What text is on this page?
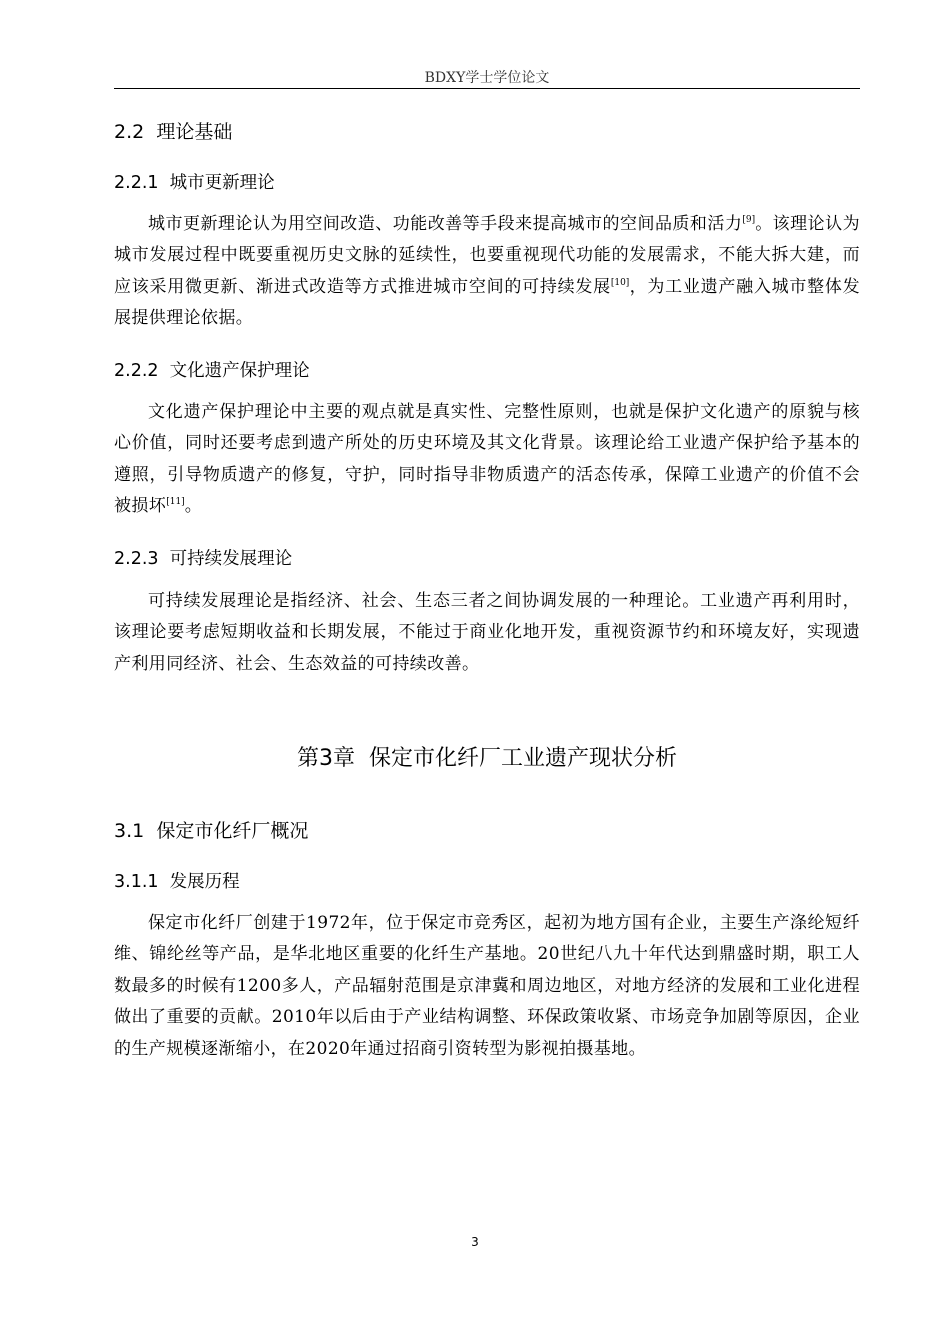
BDXY学士学位论文
2.2 理论基础
2.2.1 城市更新理论

城市更新理论认为用空间改造、功能改善等手段来提高城市的空间品质和活力[9]。该理论认为城市发展过程中既要重视历史文脉的延续性，也要重视现代功能的发展需求，不能大拆大建，而应该采用微更新、渐进式改造等方式推进城市空间的可持续发展[10]，为工业遗产融入城市整体发展提供理论依据。

2.2.2 文化遗产保护理论

文化遗产保护理论中主要的观点就是真实性、完整性原则，也就是保护文化遗产的原貌与核心价值，同时还要考虑到遗产所处的历史环境及其文化背景。该理论给工业遗产保护给予基本的遵照，引导物质遗产的修复，守护，同时指导非物质遗产的活态传承，保障工业遗产的价值不会被损坏[11]。

2.2.3 可持续发展理论

可持续发展理论是指经济、社会、生态三者之间协调发展的一种理论。工业遗产再利用时，该理论要考虑短期收益和长期发展，不能过于商业化地开发，重视资源节约和环境友好，实现遗产利用同经济、社会、生态效益的可持续改善。

第3章 保定市化纤厂工业遗产现状分析
3.1 保定市化纤厂概况
3.1.1 发展历程

保定市化纤厂创建于1972年，位于保定市竞秀区，起初为地方国有企业，主要生产涤纶短纤维、锦纶丝等产品，是华北地区重要的化纤生产基地。20世纪八九十年代达到鼎盛时期，职工人数最多的时候有1200多人，产品辐射范围是京津冀和周边地区，对地方经济的发展和工业化进程做出了重要的贡献。2010年以后由于产业结构调整、环保政策收紧、市场竞争加剧等原因，企业的生产规模逐渐缩小，在2020年通过招商引资转型为影视拍摄基地。

3
